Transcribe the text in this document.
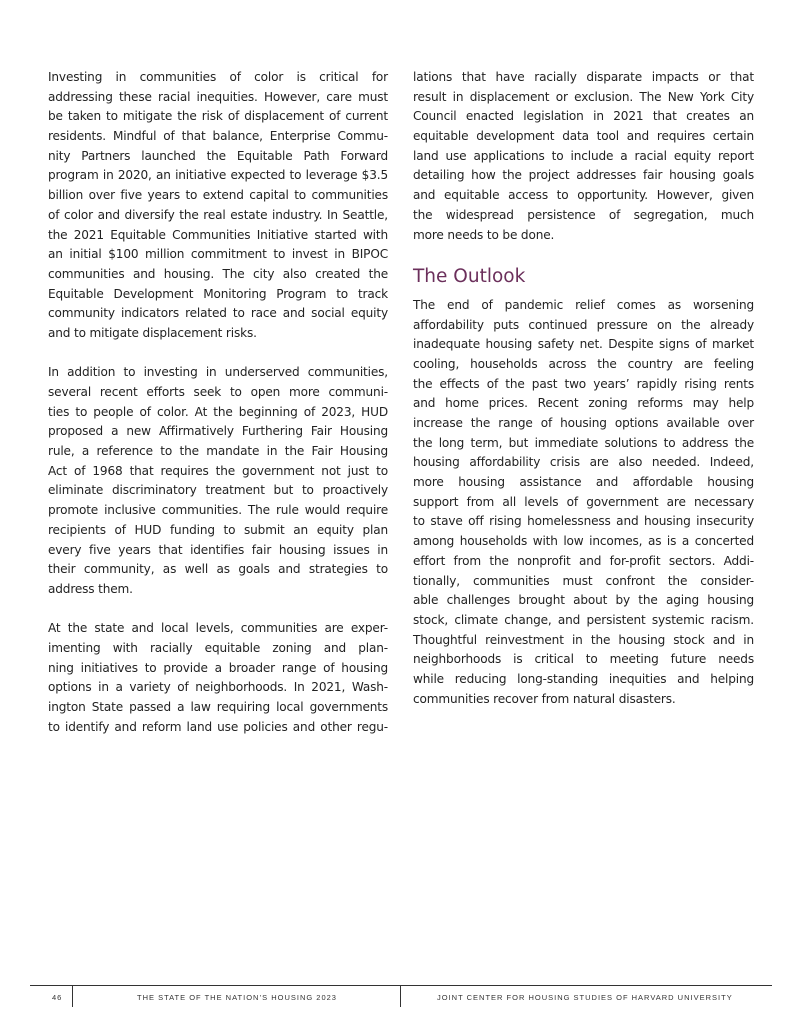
Investing in communities of color is critical for
addressing these racial inequities. However, care must
be taken to mitigate the risk of displacement of current
residents. Mindful of that balance, Enterprise Commu-
nity Partners launched the Equitable Path Forward
program in 2020, an initiative expected to leverage $3.5
billion over five years to extend capital to communities
of color and diversify the real estate industry. In Seattle,
the 2021 Equitable Communities Initiative started with
an initial $100 million commitment to invest in BIPOC
communities and housing. The city also created the
Equitable Development Monitoring Program to track
community indicators related to race and social equity
and to mitigate displacement risks.
In addition to investing in underserved communities,
several recent efforts seek to open more communi-
ties to people of color. At the beginning of 2023, HUD
proposed a new Affirmatively Furthering Fair Housing
rule, a reference to the mandate in the Fair Housing
Act of 1968 that requires the government not just to
eliminate discriminatory treatment but to proactively
promote inclusive communities. The rule would require
recipients of HUD funding to submit an equity plan
every five years that identifies fair housing issues in
their community, as well as goals and strategies to
address them.
At the state and local levels, communities are exper-
imenting with racially equitable zoning and plan-
ning initiatives to provide a broader range of housing
options in a variety of neighborhoods. In 2021, Wash-
ington State passed a law requiring local governments
to identify and reform land use policies and other regu-
lations that have racially disparate impacts or that
result in displacement or exclusion. The New York City
Council enacted legislation in 2021 that creates an
equitable development data tool and requires certain
land use applications to include a racial equity report
detailing how the project addresses fair housing goals
and equitable access to opportunity. However, given
the widespread persistence of segregation, much
more needs to be done.
The Outlook
The end of pandemic relief comes as worsening
affordability puts continued pressure on the already
inadequate housing safety net. Despite signs of market
cooling, households across the country are feeling
the effects of the past two years’ rapidly rising rents
and home prices. Recent zoning reforms may help
increase the range of housing options available over
the long term, but immediate solutions to address the
housing affordability crisis are also needed. Indeed,
more housing assistance and affordable housing
support from all levels of government are necessary
to stave off rising homelessness and housing insecurity
among households with low incomes, as is a concerted
effort from the nonprofit and for-profit sectors. Addi-
tionally, communities must confront the consider-
able challenges brought about by the aging housing
stock, climate change, and persistent systemic racism.
Thoughtful reinvestment in the housing stock and in
neighborhoods is critical to meeting future needs
while reducing long-standing inequities and helping
communities recover from natural disasters.
46	THE STATE OF THE NATION’S HOUSING 2023	JOINT CENTER FOR HOUSING STUDIES OF HARVARD UNIVERSITY
